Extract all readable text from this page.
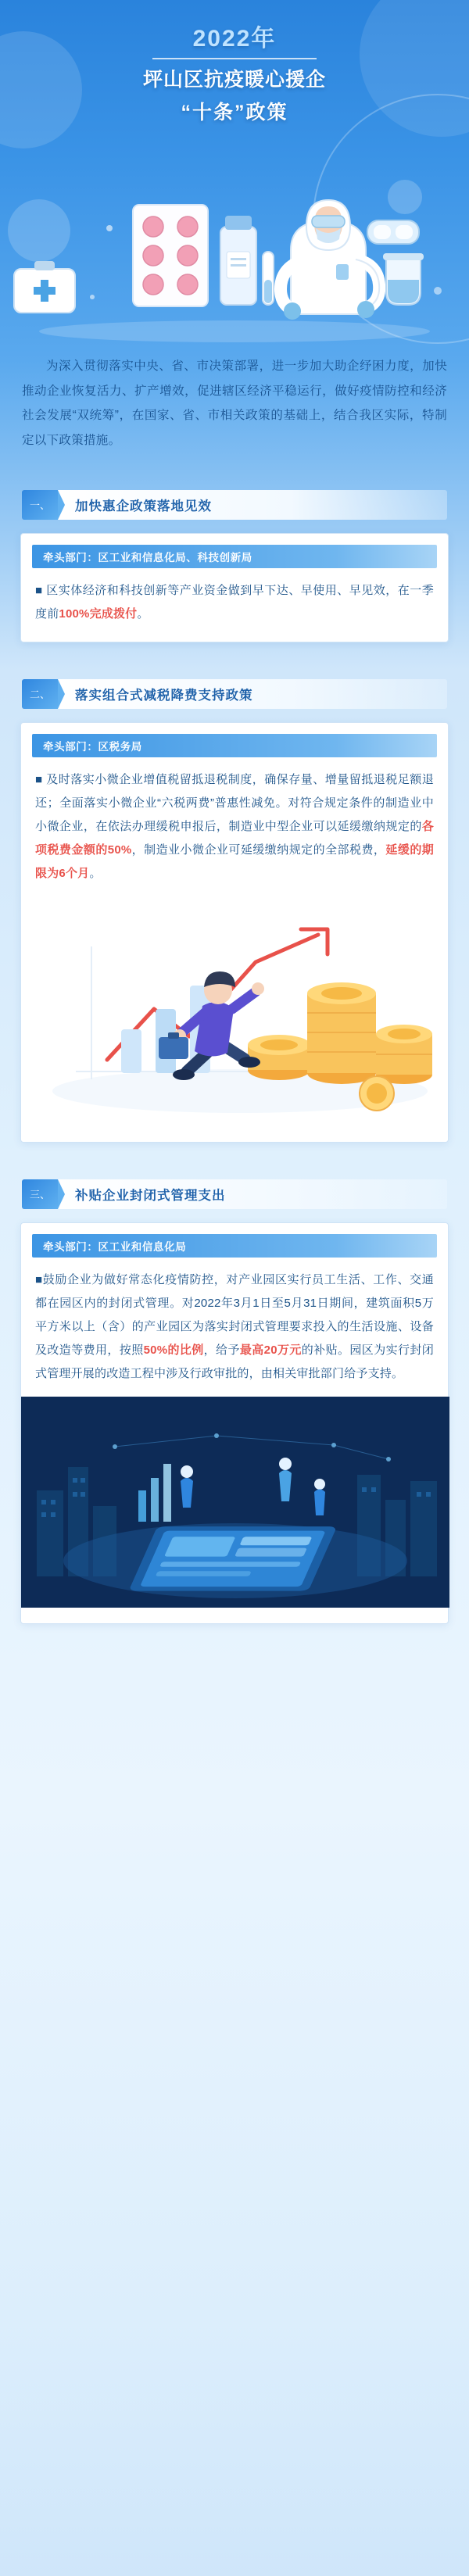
2022年
坪山区抗疫暖心援企
“十条”政策
为深入贯彻落实中央、省、市决策部署，进一步加大助企纾困力度，加快推动企业恢复活力、扩产增效，促进辖区经济平稳运行，做好疫情防控和经济社会发展“双统筹”，在国家、省、市相关政策的基础上，结合我区实际，特制定以下政策措施。
一、	加快惠企政策落地见效
牵头部门：区工业和信息化局、科技创新局
■ 区实体经济和科技创新等产业资金做到早下达、早使用、早见效，在一季度前100%完成拨付。
二、	落实组合式减税降费支持政策
牵头部门：区税务局
■ 及时落实小微企业增值税留抵退税制度，确保存量、增量留抵退税足额退还；全面落实小微企业“六税两费”普惠性减免。对符合规定条件的制造业中小微企业，在依法办理缓税申报后，制造业中型企业可以延缓缴纳规定的各项税费金额的50%，制造业小微企业可延缓缴纳规定的全部税费，延缓的期限为6个月。
三、	补贴企业封闭式管理支出
牵头部门：区工业和信息化局
■鼓励企业为做好常态化疫情防控，对产业园区实行员工生活、工作、交通都在园区内的封闭式管理。对2022年3月1日至5月31日期间，建筑面积5万平方米以上（含）的产业园区为落实封闭式管理要求投入的生活设施、设备及改造等费用，按照50%的比例，给予最高20万元的补贴。园区为实行封闭式管理开展的改造工程中涉及行政审批的，由相关审批部门给予支持。
